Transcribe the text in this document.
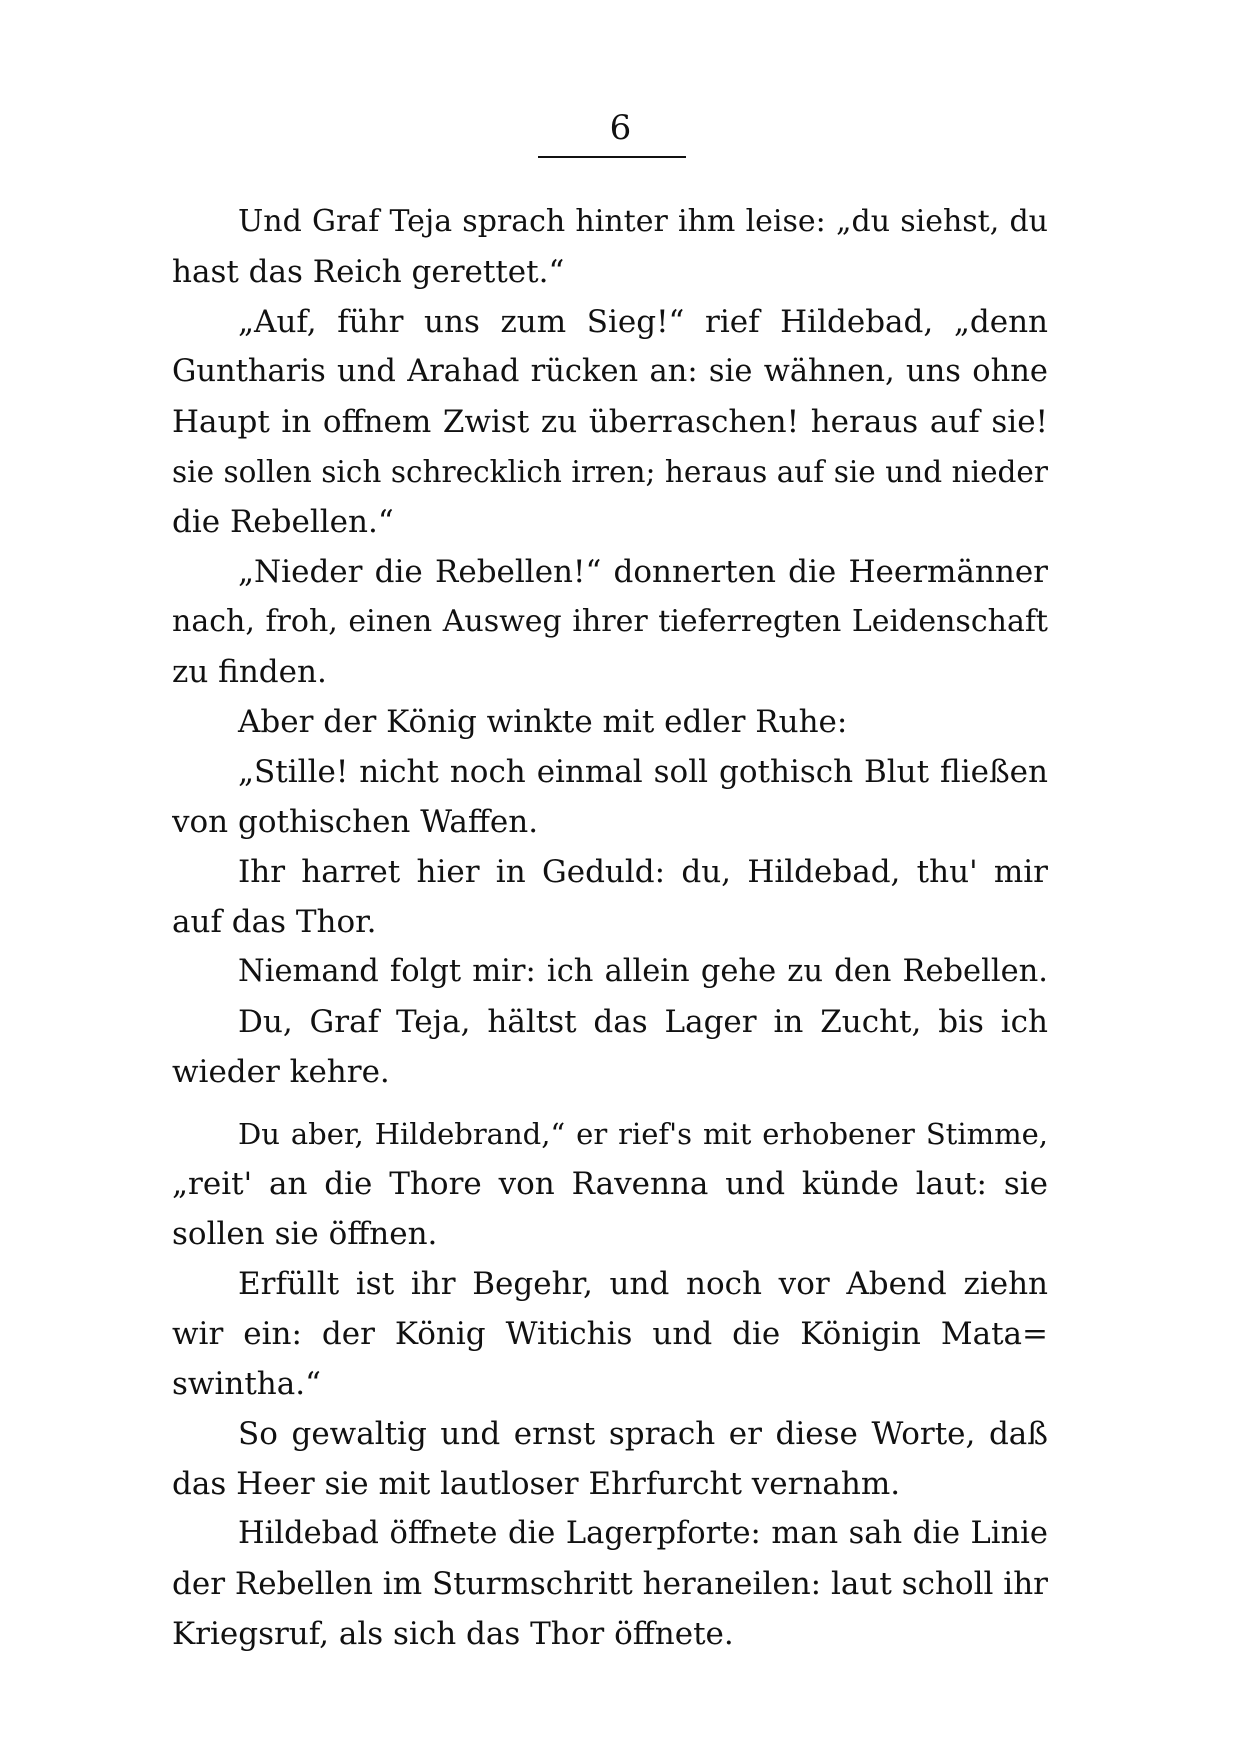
6
Und Graf Teja sprach hinter ihm leise: „du siehst, du
hast das Reich gerettet.“
„Auf, führ uns zum Sieg!“ rief Hildebad, „denn
Guntharis und Arahad rücken an: sie wähnen, uns ohne
Haupt in offnem Zwist zu überraschen! heraus auf sie!
sie sollen sich schrecklich irren; heraus auf sie und nieder
die Rebellen.“
„Nieder die Rebellen!“ donnerten die Heermänner
nach, froh, einen Ausweg ihrer tieferregten Leidenschaft
zu finden.
Aber der König winkte mit edler Ruhe:
„Stille! nicht noch einmal soll gothisch Blut fließen
von gothischen Waffen.
Ihr harret hier in Geduld: du, Hildebad, thu' mir
auf das Thor.
Niemand folgt mir: ich allein gehe zu den Rebellen.
Du, Graf Teja, hältst das Lager in Zucht, bis ich
wieder kehre.
Du aber, Hildebrand,“ er rief's mit erhobener Stimme,
„reit' an die Thore von Ravenna und künde laut: sie
sollen sie öffnen.
Erfüllt ist ihr Begehr, und noch vor Abend ziehn
wir ein: der König Witichis und die Königin Mata=
swintha.“
So gewaltig und ernst sprach er diese Worte, daß
das Heer sie mit lautloser Ehrfurcht vernahm.
Hildebad öffnete die Lagerpforte: man sah die Linie
der Rebellen im Sturmschritt heraneilen: laut scholl ihr
Kriegsruf, als sich das Thor öffnete.
